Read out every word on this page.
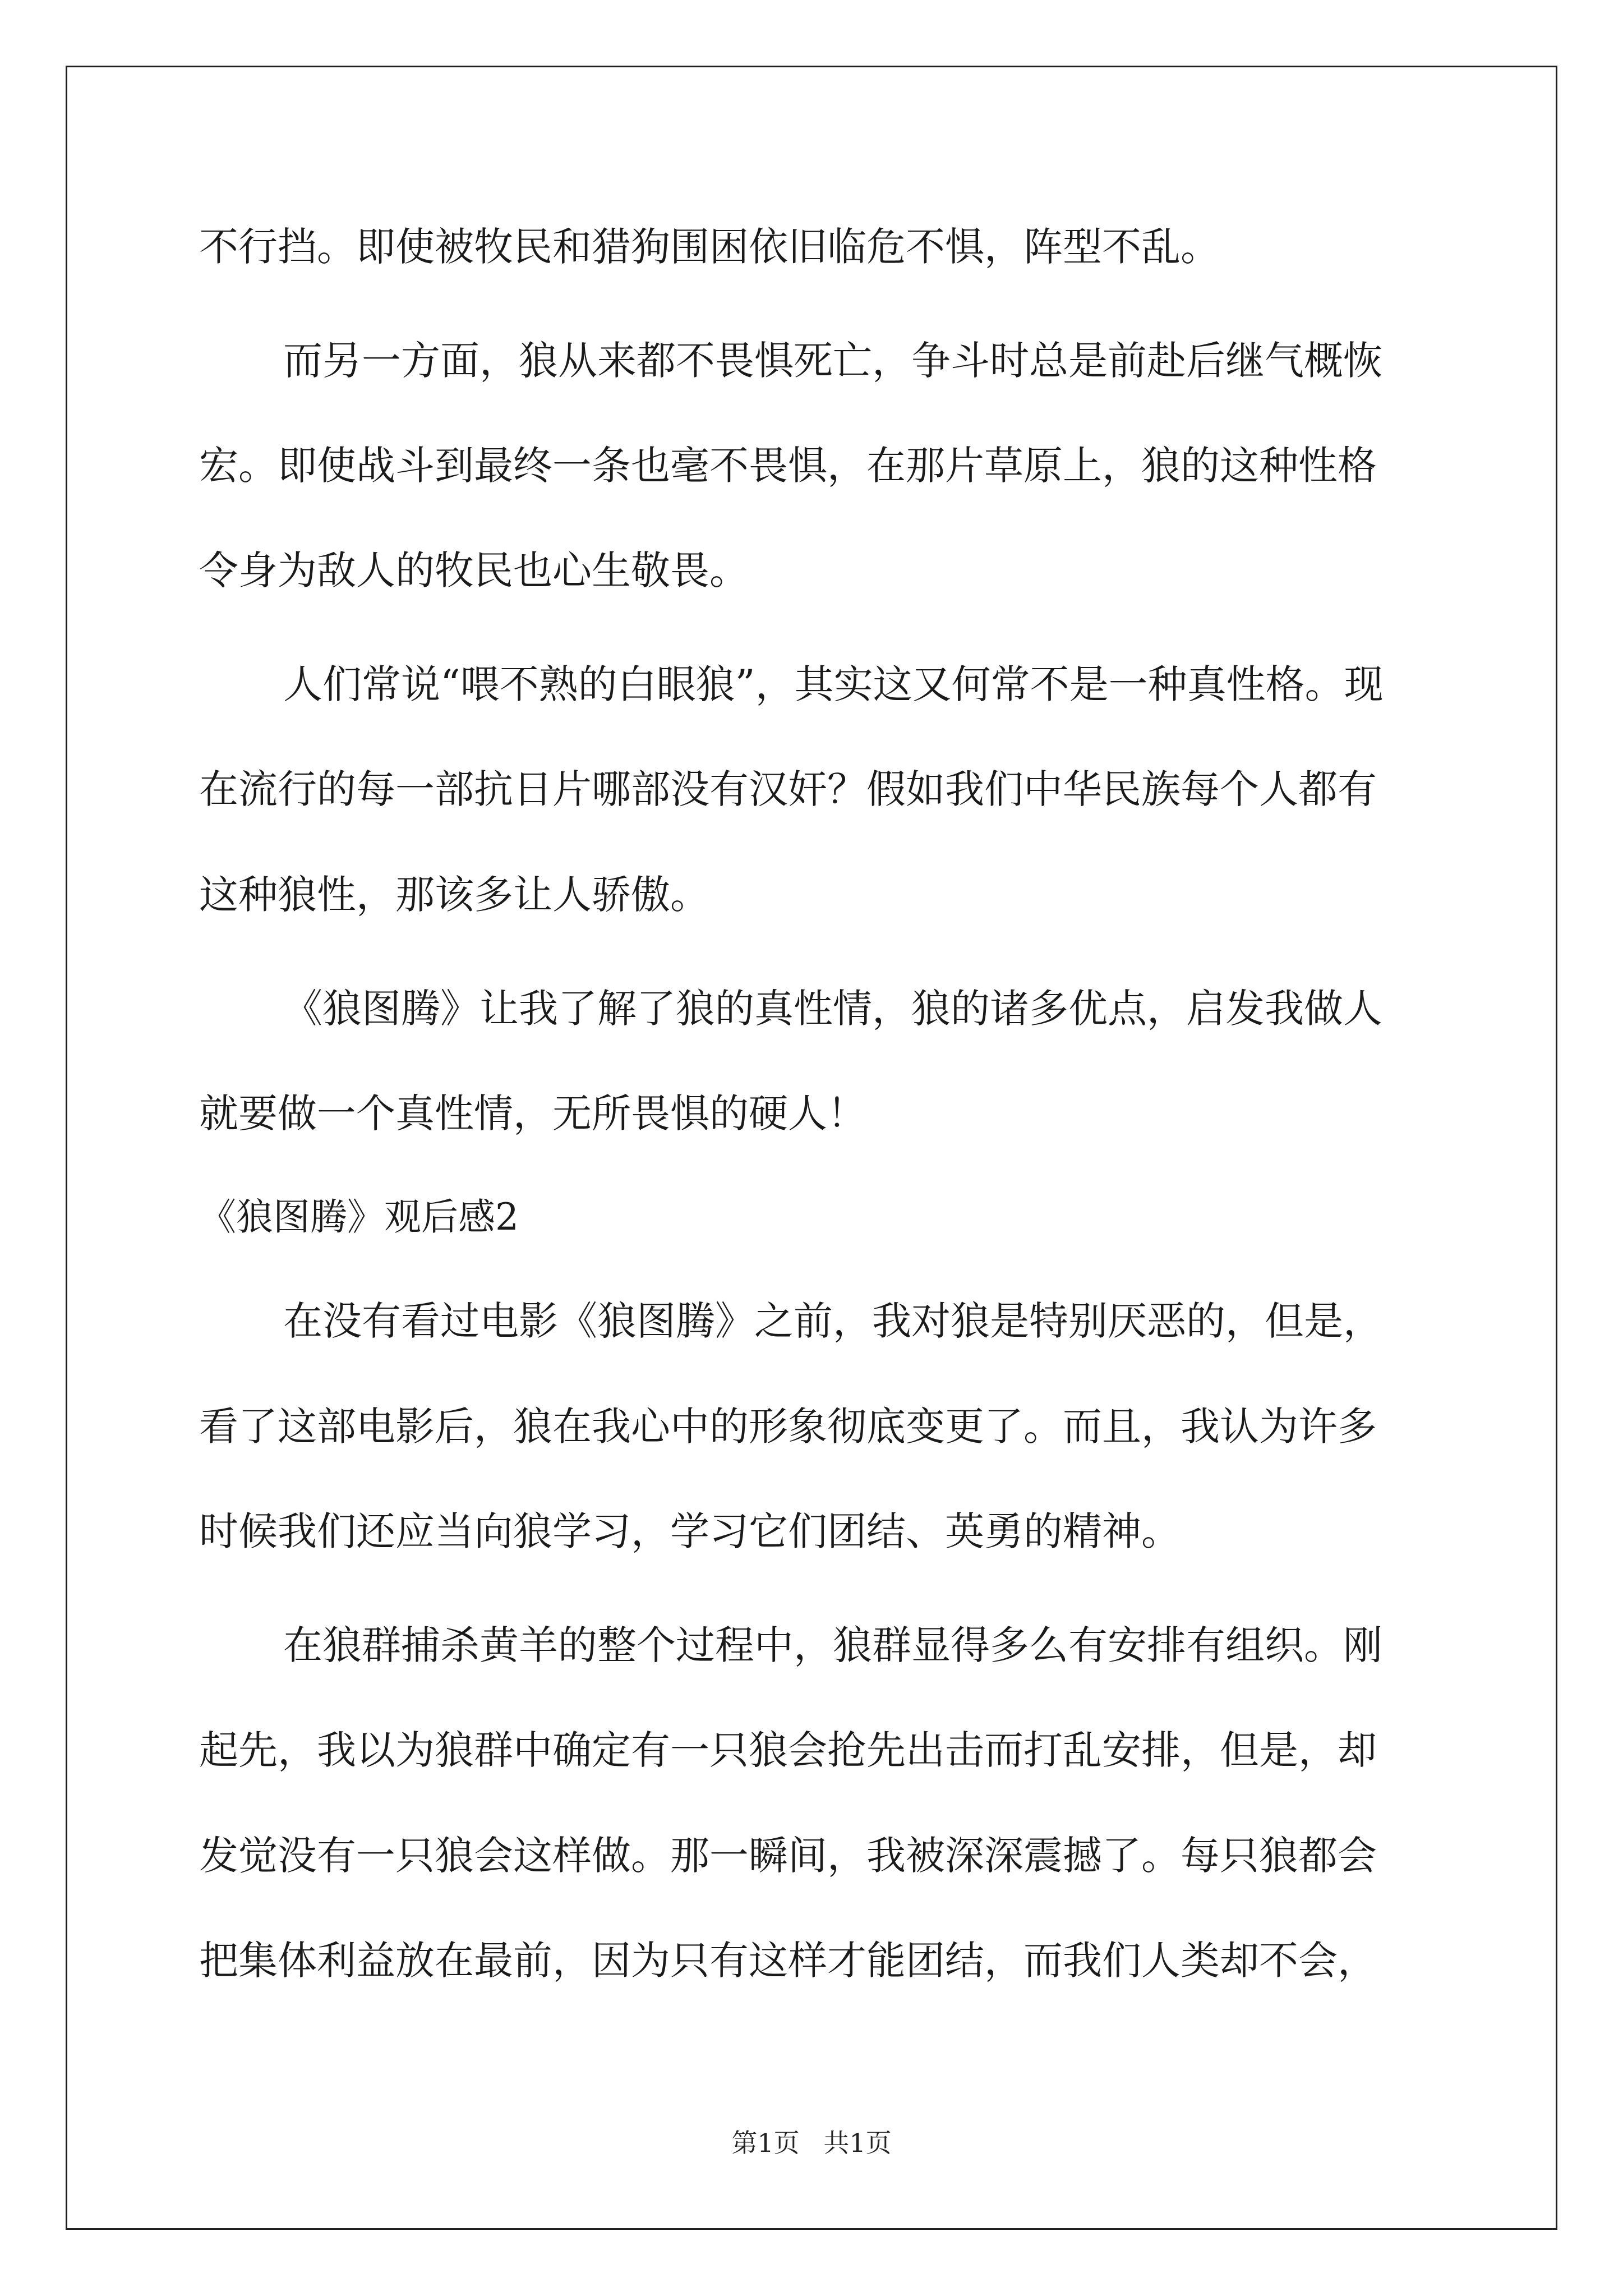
不行挡。即使被牧民和猎狗围困依旧临危不惧，阵型不乱。
而另一方面，狼从来都不畏惧死亡，争斗时总是前赴后继气概恢
宏。即使战斗到最终一条也毫不畏惧，在那片草原上，狼的这种性格
令身为敌人的牧民也心生敬畏。
人们常说“喂不熟的白眼狼”，其实这又何常不是一种真性格。现
在流行的每一部抗日片哪部没有汉奸？假如我们中华民族每个人都有
这种狼性，那该多让人骄傲。
《狼图腾》让我了解了狼的真性情，狼的诸多优点，启发我做人
就要做一个真性情，无所畏惧的硬人！
《狼图腾》观后感2
在没有看过电影《狼图腾》之前，我对狼是特别厌恶的，但是，
看了这部电影后，狼在我心中的形象彻底变更了。而且，我认为许多
时候我们还应当向狼学习，学习它们团结、英勇的精神。
在狼群捕杀黄羊的整个过程中，狼群显得多么有安排有组织。刚
起先，我以为狼群中确定有一只狼会抢先出击而打乱安排，但是，却
发觉没有一只狼会这样做。那一瞬间，我被深深震撼了。每只狼都会
把集体利益放在最前，因为只有这样才能团结，而我们人类却不会，
第1页 共1页
